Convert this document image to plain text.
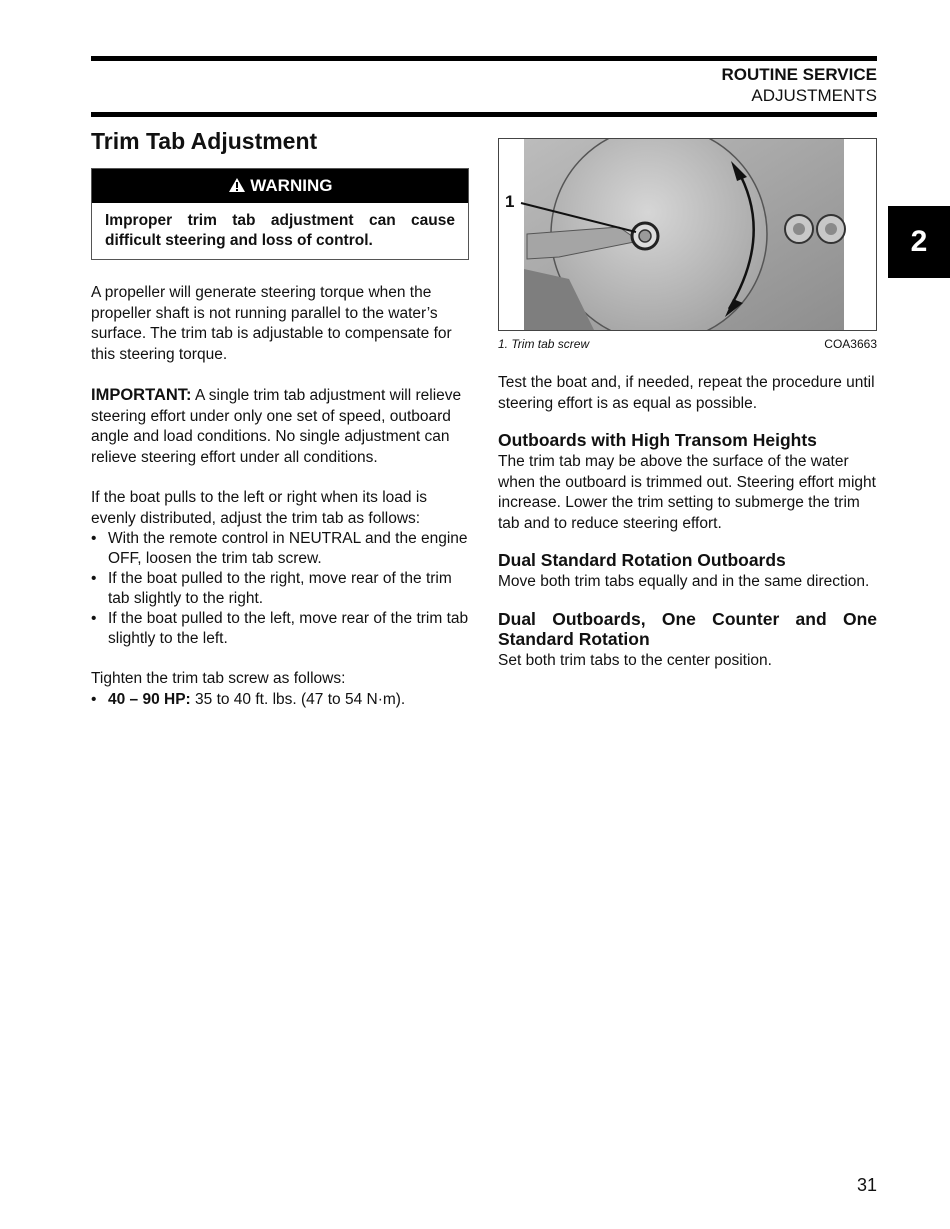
ROUTINE SERVICE
ADJUSTMENTS
2
Trim Tab Adjustment
WARNING
Improper trim tab adjustment can cause difficult steering and loss of control.

A propeller will generate steering torque when the propeller shaft is not running parallel to the water’s surface. The trim tab is adjustable to compensate for this steering torque.

IMPORTANT: A single trim tab adjustment will relieve steering effort under only one set of speed, outboard angle and load conditions. No single adjustment can relieve steering effort under all conditions.

If the boat pulls to the left or right when its load is evenly distributed, adjust the trim tab as follows:

• With the remote control in NEUTRAL and the engine OFF, loosen the trim tab screw.
• If the boat pulled to the right, move rear of the trim tab slightly to the right.
• If the boat pulled to the left, move rear of the trim tab slightly to the left.

Tighten the trim tab screw as follows:

• 40 – 90 HP: 35 to 40 ft. lbs. (47 to 54 N·m).
1
1. Trim tab screw	COA3663

Test the boat and, if needed, repeat the procedure until steering effort is as equal as possible.

Outboards with High Transom Heights

The trim tab may be above the surface of the water when the outboard is trimmed out. Steering effort might increase. Lower the trim setting to submerge the trim tab and to reduce steering effort.

Dual Standard Rotation Outboards

Move both trim tabs equally and in the same direction.

Dual Outboards, One Counter and One Standard Rotation

Set both trim tabs to the center position.

31
